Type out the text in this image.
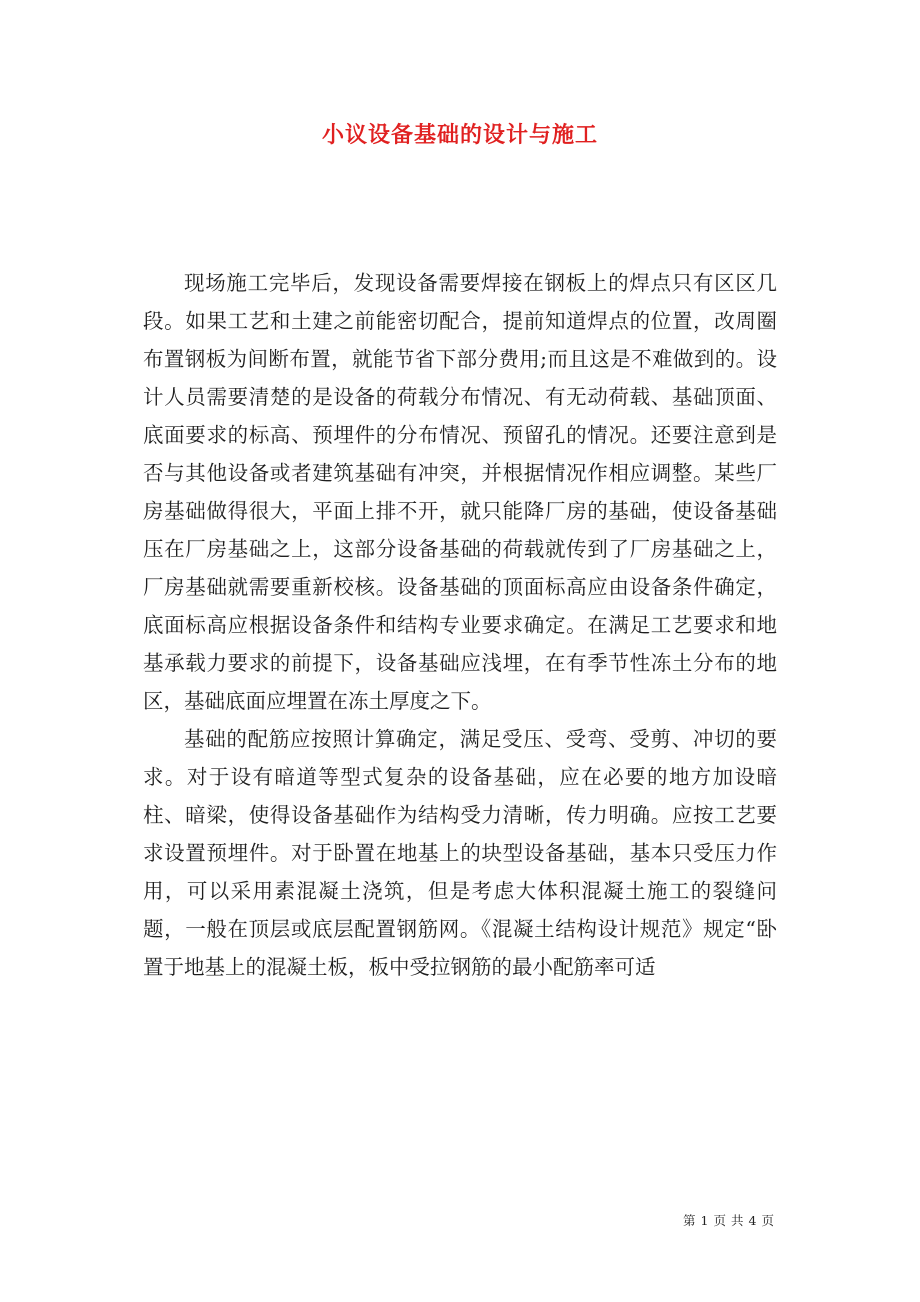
小议设备基础的设计与施工

现场施工完毕后，发现设备需要焊接在钢板上的焊点只有区区几段。如果工艺和土建之前能密切配合，提前知道焊点的位置，改周圈布置钢板为间断布置，就能节省下部分费用;而且这是不难做到的。设计人员需要清楚的是设备的荷载分布情况、有无动荷载、基础顶面、底面要求的标高、预埋件的分布情况、预留孔的情况。还要注意到是否与其他设备或者建筑基础有冲突，并根据情况作相应调整。某些厂房基础做得很大，平面上排不开，就只能降厂房的基础，使设备基础压在厂房基础之上，这部分设备基础的荷载就传到了厂房基础之上，厂房基础就需要重新校核。设备基础的顶面标高应由设备条件确定，底面标高应根据设备条件和结构专业要求确定。在满足工艺要求和地基承载力要求的前提下，设备基础应浅埋，在有季节性冻土分布的地区，基础底面应埋置在冻土厚度之下。

基础的配筋应按照计算确定，满足受压、受弯、受剪、冲切的要求。对于设有暗道等型式复杂的设备基础，应在必要的地方加设暗柱、暗梁，使得设备基础作为结构受力清晰，传力明确。应按工艺要求设置预埋件。对于卧置在地基上的块型设备基础，基本只受压力作用，可以采用素混凝土浇筑，但是考虑大体积混凝土施工的裂缝问题，一般在顶层或底层配置钢筋网。《混凝土结构设计规范》规定“卧置于地基上的混凝土板，板中受拉钢筋的最小配筋率可适

第 1 页 共 4 页
